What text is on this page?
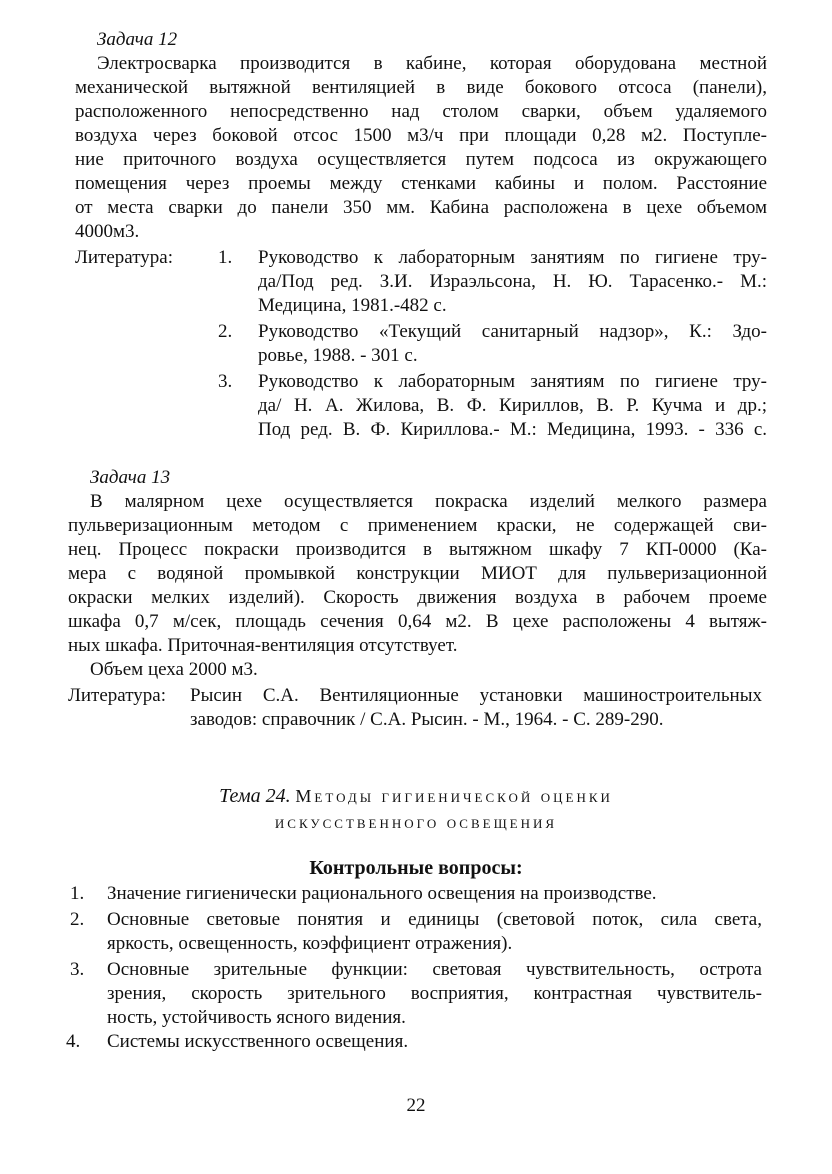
Задача 12
Электросварка производится в кабине, которая оборудована местной
механической вытяжной вентиляцией в виде бокового отсоса (панели),
расположенного непосредственно над столом сварки, объем удаляемого
воздуха через боковой отсос 1500 м3/ч при площади 0,28 м2. Поступле-
ние приточного воздуха осуществляется путем подсоса из окружающего
помещения через проемы между стенками кабины и полом. Расстояние
от места сварки до панели 350 мм. Кабина расположена в цехе объемом
4000м3.
Литература: 1. Руководство к лабораторным занятиям по гигиене тру-
да/Под ред. З.И. Израэльсона, Н. Ю. Тарасенко.- М.:
Медицина, 1981.-482 с.
2. Руководство «Текущий санитарный надзор», К.: Здо-
ровье, 1988. - 301 с.
3. Руководство к лабораторным занятиям по гигиене тру-
да/ Н. А. Жилова, В. Ф. Кириллов, В. Р. Кучма и др.;
Под ред. В. Ф. Кириллова.- М.: Медицина, 1993. - 336 с.
Задача 13
В малярном цехе осуществляется покраска изделий мелкого размера
пульверизационным методом с применением краски, не содержащей сви-
нец. Процесс покраски производится в вытяжном шкафу 7 КП-0000 (Ка-
мера с водяной промывкой конструкции МИОТ для пульверизационной
окраски мелких изделий). Скорость движения воздуха в рабочем проеме
шкафа 0,7 м/сек, площадь сечения 0,64 м2. В цехе расположены 4 вытяж-
ных шкафа. Приточная-вентиляция отсутствует.
Объем цеха 2000 м3.
Литература: Рысин С.А. Вентиляционные установки машиностроительных
заводов: справочник / С.А. Рысин. - М., 1964. - С. 289-290.
Тема 24. Методы гигиенической оценки
искусственного освещения
Контрольные вопросы:
1. Значение гигиенически рационального освещения на производстве.
2. Основные световые понятия и единицы (световой поток, сила света,
яркость, освещенность, коэффициент отражения).
3. Основные зрительные функции: световая чувствительность, острота
зрения, скорость зрительного восприятия, контрастная чувствитель-
ность, устойчивость ясного видения.
4. Системы искусственного освещения.
22
